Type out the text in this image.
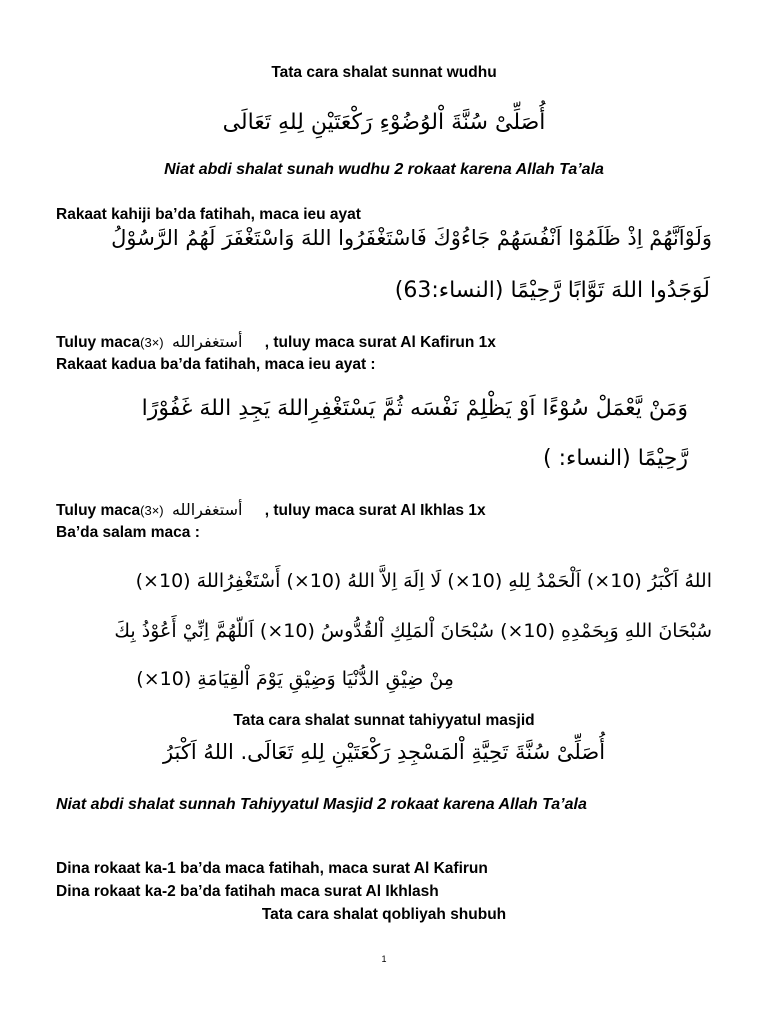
Tata cara shalat sunnat wudhu
أُصَلِّىْ سُنَّةَ اْلوُضُوْءِ رَكْعَتَيْنِ لِلهِ تَعَالَى
Niat abdi shalat sunah wudhu 2 rokaat karena Allah Ta’ala
Rakaat kahiji ba’da fatihah, maca ieu ayat
وَلَوْاَنَّهُمْ اِذْ ظَلَمُوْا اَنْفُسَهُمْ جَاءُوْكَ فَاسْتَغْفَرُوا اللهَ وَاسْتَغْفَرَ لَهُمُ الرَّسُوْلُ
لَوَجَدُوا اللهَ تَوَّابًا رَّحِيْمًا (النساء:63)
Tuluy maca(3×) أستغفرالله , tuluy maca surat Al Kafirun 1x
Rakaat kadua ba’da fatihah, maca ieu ayat :
وَمَنْ يَّعْمَلْ سُوْءًا اَوْ يَظْلِمْ نَفْسَه ثُمَّ يَسْتَغْفِرِاللهَ يَجِدِ اللهَ غَفُوْرًا
رَّحِيْمًا (النساء: )
Tuluy maca(3×) أستغفرالله , tuluy maca surat Al Ikhlas 1x
Ba’da salam maca :
اللهُ اَكْبَرُ (10×) اَلْحَمْدُ لِلهِ (10×) لَا اِلَهَ اِلاَّ اللهُ (10×) أَسْتَغْفِرُاللهَ (10×)
سُبْحَانَ اللهِ وَبِحَمْدِهِ (10×) سُبْحَانَ اْلمَلِكِ اْلقُدُّوسُ (10×) اَللّهُمَّ اِنِّيْ أَعُوْذُ بِكَ
مِنْ ضِيْقِ الدُّنْيَا وَضِيْقِ يَوْمَ اْلقِيَامَةِ (10×)
Tata cara shalat sunnat tahiyyatul masjid
أُصَلِّىْ سُنَّةَ تَحِيَّةِ اْلمَسْجِدِ رَكْعَتَيْنِ لِلهِ تَعَالَى. اللهُ اَكْبَرُ
Niat abdi shalat sunnah Tahiyyatul Masjid 2 rokaat karena Allah Ta’ala
Dina rokaat ka-1 ba’da maca fatihah, maca surat Al Kafirun
Dina rokaat ka-2 ba’da fatihah maca surat Al Ikhlash
Tata cara shalat qobliyah shubuh
1
